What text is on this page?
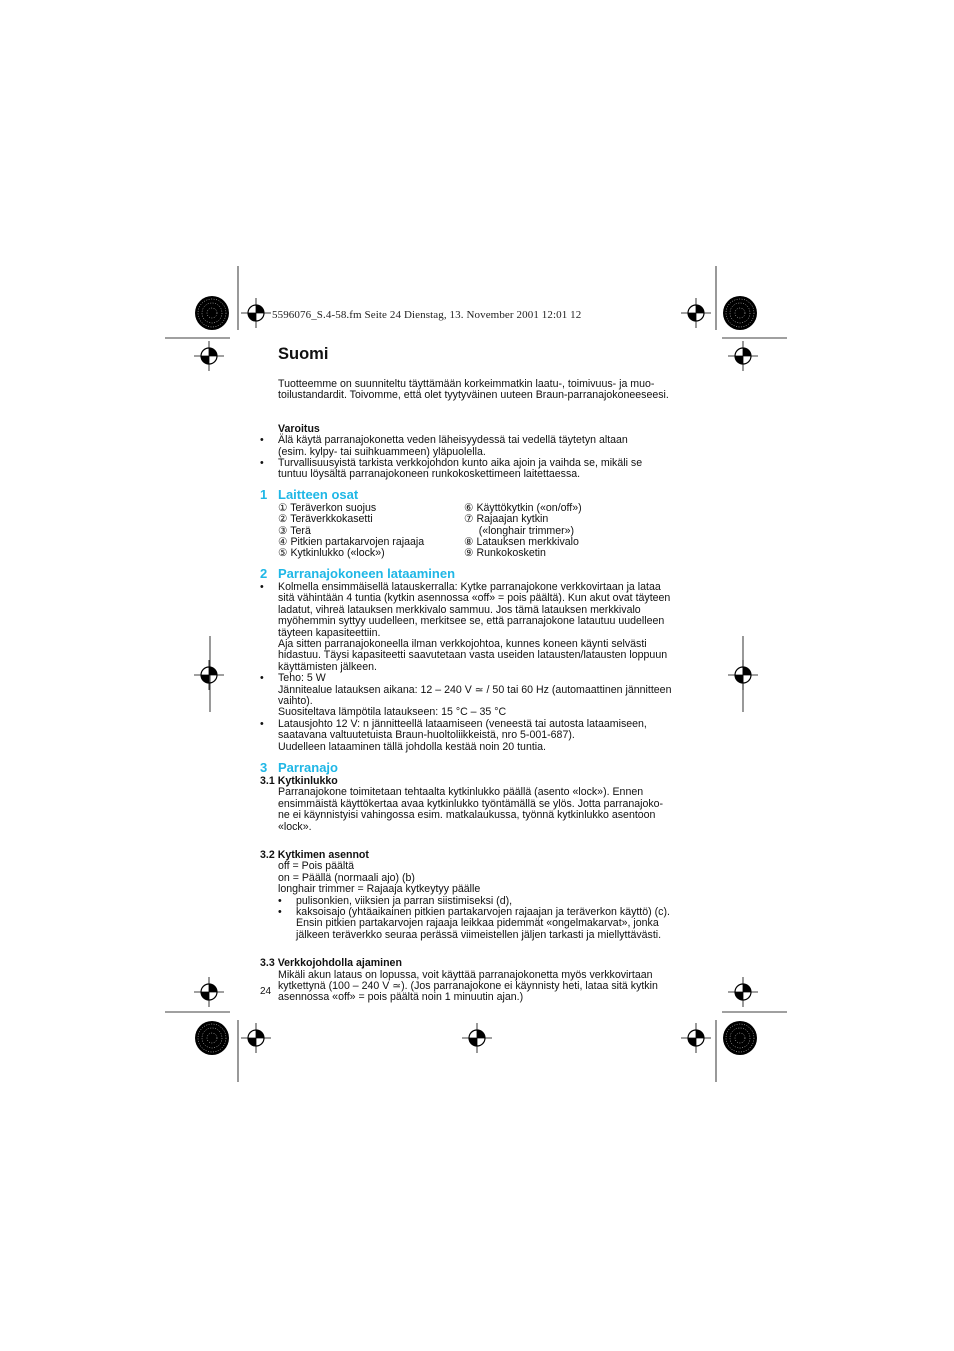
5596076_S.4-58.fm Seite 24 Dienstag, 13. November 2001 12:01 12
Suomi

Tuotteemme on suunniteltu täyttämään korkeimmatkin laatu-, toimivuus- ja muo-

toilustandardit. Toivomme, että olet tyytyväinen uuteen Braun-parranajokoneeseesi.

Varoitus
•	Älä käytä parranajokonetta veden läheisyydessä tai vedellä täytetyn altaan
(esim. kylpy- tai suihkuammeen) yläpuolella.
•	Turvallisuusyistä tarkista verkkojohdon kunto aika ajoin ja vaihda se, mikäli se
tuntuu löysältä parranajokoneen runkokoskettimeen laitettaessa.
1 Laitteen osat
① Teräverkon suojus
② Teräverkkokasetti
③ Terä
④ Pitkien partakarvojen rajaaja
⑤ Kytkinlukko («lock»)
⑥ Käyttökytkin («on/off»)
⑦ Rajaajan kytkin
(«longhair trimmer»)
⑧ Latauksen merkkivalo
⑨ Runkokosketin
2 Parranajokoneen lataaminen
•	Kolmella ensimmäisellä latauskerralla: Kytke parranajokone verkkovirtaan ja lataa
sitä vähintään 4 tuntia (kytkin asennossa «off» = pois päältä). Kun akut ovat täyteen
ladatut, vihreä latauksen merkkivalo sammuu. Jos tämä latauksen merkkivalo
myöhemmin syttyy uudelleen, merkitsee se, että parranajokone latautuu uudelleen
täyteen kapasiteettiin.
Aja sitten parranajokoneella ilman verkkojohtoa, kunnes koneen käynti selvästi
hidastuu. Täysi kapasiteetti saavutetaan vasta useiden latausten/latausten loppuun
käyttämisten jälkeen.
•	Teho: 5 W
Jännitealue latauksen aikana: 12 – 240 V ≃ / 50 tai 60 Hz (automaattinen jännitteen
vaihto).
Suositeltava lämpötila lataukseen: 15 °C – 35 °C
•	Latausjohto 12 V: n jännitteellä lataamiseen (veneestä tai autosta lataamiseen,
saatavana valtuutetuista Braun-huoltoliikkeistä, nro 5-001-687).
Uudelleen lataaminen tällä johdolla kestää noin 20 tuntia.
3 Parranajo
3.1
Kytkinlukko
Parranajokone toimitetaan tehtaalta kytkinlukko päällä (asento «lock»). Ennen
ensimmäistä käyttökertaa avaa kytkinlukko työntämällä se ylös. Jotta parranajoko-
ne ei käynnistyisi vahingossa esim. matkalaukussa, työnnä kytkinlukko asentoon
«lock».
3.2
Kytkimen asennot
off = Pois päältä
on = Päällä (normaali ajo) (b)
longhair trimmer = Rajaaja kytkeytyy päälle
•	pulisonkien, viiksien ja parran siistimiseksi (d),
•	kaksoisajo (yhtäaikainen pitkien partakarvojen rajaajan ja teräverkon käyttö) (c).
Ensin pitkien partakarvojen rajaaja leikkaa pidemmät «ongelmakarvat», jonka
jälkeen teräverkko seuraa perässä viimeistellen jäljen tarkasti ja miellyttävästi.
3.3
Verkkojohdolla ajaminen
Mikäli akun lataus on lopussa, voit käyttää parranajokonetta myös verkkovirtaan
kytkettynä (100 – 240 V ≃). (Jos parranajokone ei käynnisty heti, lataa sitä kytkin
asennossa «off» = pois päältä noin 1 minuutin ajan.)
24
